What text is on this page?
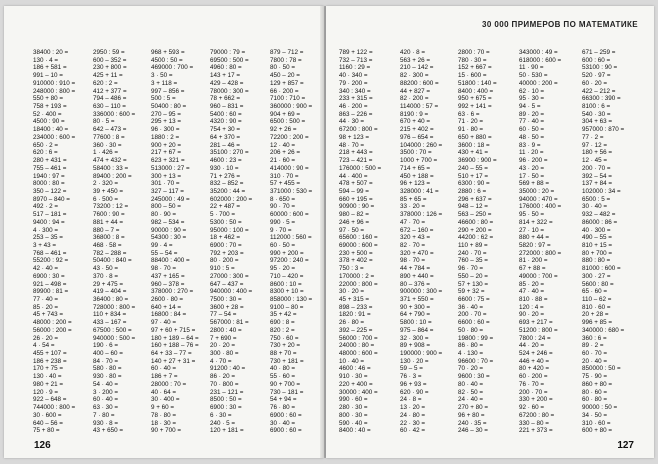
38400 : 20 =
130 · 4 =
186 + 581 =
991 – 10 =
910000 : 910 =
248000 : 800 =
550 + 80 =
758 + 193 =
52 · 400 =
4500 : 90 =
18400 : 40 =
234000 : 600 =
650 · 2 =
620 : 6 =
280 + 431 =
755 – 461 =
1940 : 97 =
8000 : 80 =
350 – 122 =
8970 – 840 =
492 · 2 =
517 – 181 =
9400 : 94 =
4 · 300 =
253 – 35 =
3 + 43 =
768 – 461 =
55200 : 92 =
42 · 40 =
6900 : 30 =
921 – 498 =
89900 : 81 =
77 · 40 =
85 · 20 =
45 + 743 =
48000 : 200 =
56000 : 200 =
26 · 20 =
4 · 54 =
455 + 107 =
186 + 238 =
170 + 75 =
130 · 40 =
980 + 21 =
120 · 9 =
922 – 648 =
744000 : 800 =
30 · 600 =
640 – 56 =
75 + 80 =
2950 : 59 =
600 – 352 =
230 + 800 =
425 + 11 =
620 : 2 =
412 + 377 =
794 – 486 =
630 – 110 =
336000 : 600 =
80 · 5 =
642 – 473 =
77600 : 8 =
360 · 30 =
1 · 426 =
474 + 432 =
58400 : 33 =
89400 : 200 =
2 · 320 =
39 + 450 =
6 · 500 =
73200 : 12 =
7600 : 90 =
881 + 44 =
880 – 7 =
36800 : 8 =
468 · 58 =
782 – 288 =
50400 : 840 =
43 · 50 =
370 · 8 =
29 + 475 =
419 – 404 =
36400 : 80 =
728000 : 800 =
110 + 834 =
433 – 167 =
67500 : 500 =
940000 : 500 =
190 · 6 =
400 – 60 =
84 · 70 =
580 · 80 =
930 · 80 =
54 · 40 =
3 · 200 =
60 · 40 =
63 · 30 =
7 · 80 =
930 · 8 =
43 + 650 =
968 + 593 =
4500 : 50 =
469000 : 700 =
3 · 50 =
3 + 118 =
997 – 856 =
500 : 5 =
50400 : 80 =
270 – 95 =
295 + 13 =
96 · 300 =
1880 : 2 =
900 + 20 =
217 + 67 =
623 + 321 =
513000 : 27 =
300 + 13 =
301 · 70 =
327 – 117 =
245000 : 49 =
800 – 50 =
80 · 90 =
982 – 534 =
90000 : 90 =
54300 : 30 =
99 · 4 =
55 – 54 =
88400 : 400 =
98 · 70 =
437 + 165 =
960 – 378 =
378000 : 270 =
2600 · 80 =
640 + 14 =
16800 : 84 =
97 · 40 =
97 + 60 + 715 =
180 + 189 – 64 =
160 + 188 – 76 =
64 + 33 – 77 =
140 + 27 + 31 =
60 · 40 =
186 + 7 =
28000 : 70 =
40 · 64 =
30 · 400 =
9 + 60 =
78 · 80 =
18 · 30 =
90 + 700 =
79000 : 79 =
69500 : 500 =
4960 : 80 =
143 + 17 =
429 – 428 =
78000 : 300 =
78 + 662 =
960 – 831 =
5400 : 60 =
4320 : 90 =
754 + 30 =
64 + 370 =
281 – 46 =
35100 : 270 =
4600 : 23 =
930 · 10 =
71 + 276 =
832 – 852 =
35200 : 44 =
602000 : 200 =
22 + 487 =
5 · 700 =
5300 : 50 =
95000 : 100 =
18 + 462 =
6900 : 70 =
792 + 203 =
80 · 200 =
910 : 5 =
27000 : 300 =
647 – 437 =
940000 : 400 =
7500 : 30 =
3600 + 28 =
77 – 54 =
567000 : 81 =
2800 : 40 =
7 + 690 =
20 · 20 =
300 · 80 =
4 · 70 =
91200 : 40 =
86 · 20 =
70 · 800 =
231 – 121 =
8500 : 50 =
6900 : 30 =
6 · 30 =
240 · 5 =
120 + 181 =
879 – 712 =
7800 : 78 =
80 · 50 =
450 – 20 =
129 + 857 =
66 · 200 =
7100 : 710 =
360000 : 900 =
904 + 69 =
6500 : 500 =
92 + 26 =
72200 : 200 =
12 · 40 =
206 + 26 =
21 · 60 =
414000 : 90 =
310 · 70 =
57 + 455 =
371000 : 530 =
8 · 650 =
90 · 70 =
60000 : 600 =
990 · 5 =
9 · 70 =
112000 : 560 =
60 · 50 =
990 + 200 =
97200 : 240 =
95 · 20 =
710 – 420 =
8600 : 10 =
8300 + 10 =
858000 : 130 =
9100 – 80 =
35 + 42 =
690 : 8 =
820 : 2 =
750 · 60 =
730 + 20 =
88 + 70 =
730 + 181 =
40 · 80 =
55 · 60 =
90 + 700 =
730 – 181 =
54 + 94 =
76 · 80 =
6900 : 60 =
30 · 40 =
6900 : 60 =
126
30 000 ПРИМЕРОВ ПО МАТЕМАТИКЕ
789 + 122 =
732 – 713 =
1160 : 29 =
40 · 340 =
79 · 200 =
340 : 340 =
233 + 315 =
46 · 200 =
863 – 226 =
44 · 30 =
67200 : 800 =
98 + 123 =
48 · 70 =
218 + 443 =
723 – 421 =
176000 : 500 =
44 · 400 =
478 + 507 =
594 – 99 =
660 + 195 =
90900 : 90 =
980 – 82 =
246 + 96 =
97 · 50 =
65600 : 160 =
69000 : 600 =
230 + 500 =
378 + 402 =
750 : 3 =
170000 : 2 =
22000 : 800 =
30 · 20 =
45 + 315 =
898 – 233 =
1820 : 91 =
26 · 80 =
392 – 225 =
56000 : 700 =
24000 : 80 =
48000 : 600 =
10 · 40 =
4600 : 46 =
910 · 30 =
220 + 400 =
30000 : 400 =
990 · 60 =
280 · 30 =
800 · 30 =
590 · 40 =
8400 : 40 =
420 · 8 =
563 + 26 =
210 – 142 =
82 · 300 =
88200 : 600 =
44 + 827 =
82 · 200 =
114000 : 57 =
8190 : 9 =
670 + 40 =
215 + 402 =
976 – 654 =
104000 : 260 =
3500 : 70 =
1000 + 700 =
714 + 65 =
450 + 188 =
96 + 123 =
328000 : 41 =
85 + 65 =
33 · 20 =
378000 : 126 =
47 · 70 =
672 – 160 =
320 + 43 =
82 · 70 =
320 + 470 =
98 · 70 =
44 + 784 =
890 + 440 =
80 – 376 =
900000 : 300 =
371 + 550 =
90 + 300 =
64 + 790 =
5800 : 10 =
975 – 864 =
32 · 300 =
89 + 908 =
190000 : 900 =
130 · 20 =
59 – 5 =
76 · 3 =
96 + 93 =
620 · 90 =
24 · 8 =
13 · 20 =
24 · 80 =
22 · 30 =
60 · 42 =
2800 : 70 =
780 · 30 =
152 + 667 =
15 · 600 =
51800 : 140 =
8400 : 400 =
950 + 675 =
992 + 141 =
63 · 6 =
71 · 20 =
91 · 80 =
650 + 880 =
3600 : 18 =
430 + 41 =
36900 : 900 =
240 – 55 =
510 + 17 =
6300 : 90 =
2880 : 6 =
296 + 637 =
948 – 12 =
563 – 250 =
46600 : 80 =
290 + 200 =
44200 : 62 =
110 + 89 =
240 · 70 =
760 – 35 =
96 · 70 =
550 – 20 =
57 + 130 =
59 + 32 =
6600 : 75 =
36 · 40 =
200 · 70 =
6600 : 60 =
50 · 80 =
19800 : 99 =
86 · 80 =
4 · 130 =
96600 : 70 =
70 · 20 =
9600 : 30 =
80 · 40 =
82 · 50 =
24 · 40 =
270 + 80 =
96 + 80 =
240 · 35 =
246 – 30 =
343000 : 49 =
618000 : 600 =
11 · 90 =
50 · 530 =
40000 : 200 =
62 · 10 =
95 · 30 =
94 · 5 =
89 · 20 =
77 · 40 =
60 · 50 =
48 · 50 =
83 · 9 =
11 · 20 =
96 · 200 =
43 · 20 =
17 · 50 =
569 + 88 =
35000 : 20 =
94000 : 470 =
176000 : 400 =
95 · 50 =
814 + 322 =
27 · 10 =
880 + 44 =
5820 : 97 =
272000 : 800 =
81 · 200 =
67 + 88 =
49000 : 700 =
85 · 20 =
47 · 40 =
810 · 88 =
120 : 4 =
90 · 20 =
693 + 217 =
51200 : 800 =
7800 : 24 =
44 · 20 =
524 + 246 =
446 + 40 =
80 + 420 =
60 · 200 =
76 · 70 =
200 · 70 =
330 + 200 =
92 · 60 =
67200 : 80 =
330 – 80 =
221 + 373 =
671 – 259 =
600 : 60 =
53100 : 90 =
520 · 97 =
60 · 20 =
422 – 212 =
66300 : 390 =
8100 : 6 =
540 · 30 =
304 + 63 =
957000 : 870 =
77 · 2 =
97 · 12 =
180 + 56 =
12 · 45 =
200 · 70 =
392 – 54 =
137 + 84 =
102000 : 34 =
6500 : 5 =
30 · 40 =
932 – 482 =
86000 : 86 =
40 · 300 =
490 – 55 =
810 + 15 =
80 + 700 =
880 : 80 =
81000 : 600 =
300 · 27 =
5600 : 80 =
65 · 60 =
110 – 62 =
810 · 60 =
20 + 28 =
996 + 85 =
340000 : 680 =
360 : 6 =
89 · 2 =
60 · 70 =
20 · 40 =
850000 : 50 =
75 · 90 =
860 + 80 =
80 · 60 =
60 · 80 =
90000 : 50 =
34 · 50 =
310 · 60 =
600 + 80 =
127
